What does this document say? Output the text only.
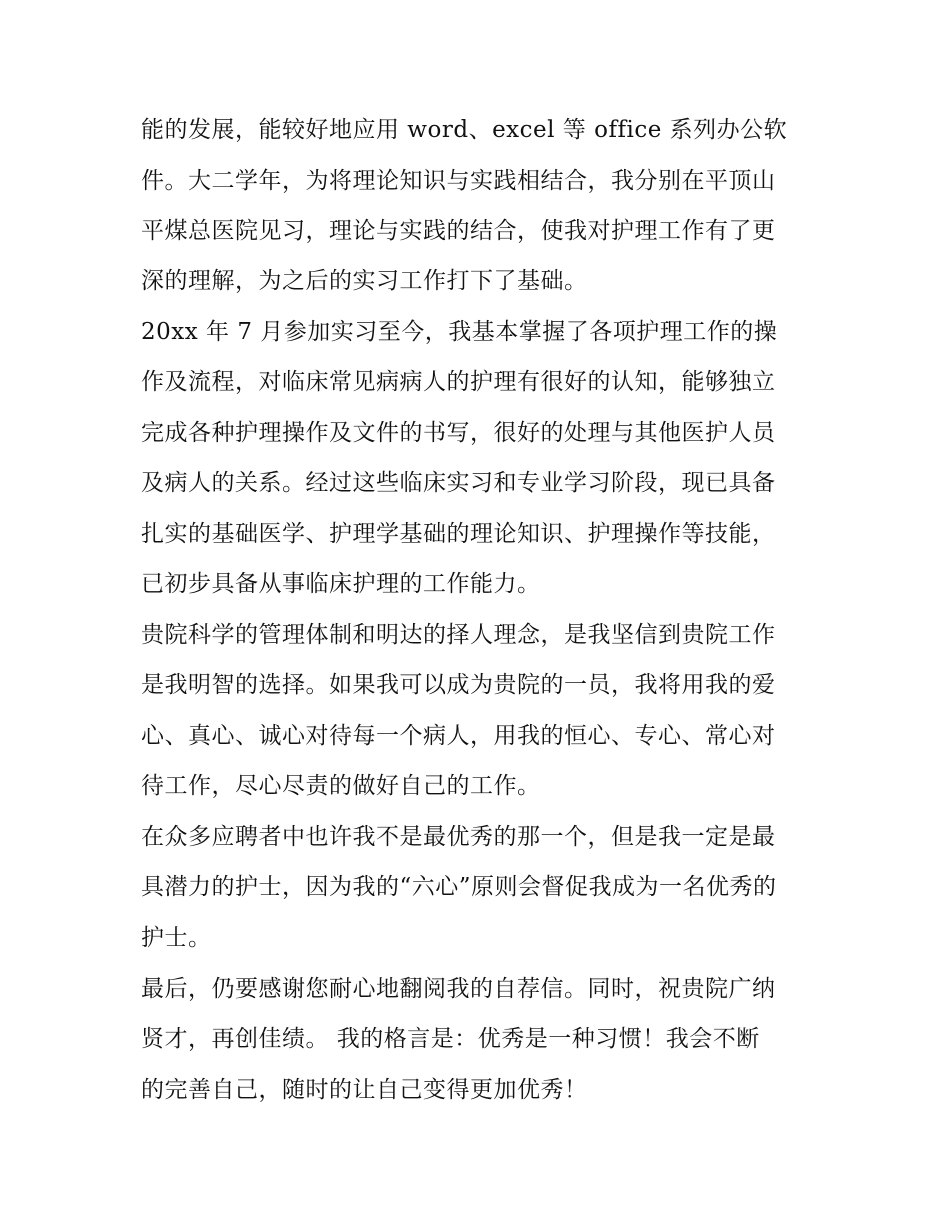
能的发展，能较好地应用 word、excel 等 office 系列办公软

件。大二学年，为将理论知识与实践相结合，我分别在平顶山

平煤总医院见习，理论与实践的结合，使我对护理工作有了更

深的理解，为之后的实习工作打下了基础。

20xx 年 7 月参加实习至今，我基本掌握了各项护理工作的操

作及流程，对临床常见病病人的护理有很好的认知，能够独立

完成各种护理操作及文件的书写，很好的处理与其他医护人员

及病人的关系。经过这些临床实习和专业学习阶段，现已具备

扎实的基础医学、护理学基础的理论知识、护理操作等技能，

已初步具备从事临床护理的工作能力。

贵院科学的管理体制和明达的择人理念，是我坚信到贵院工作

是我明智的选择。如果我可以成为贵院的一员，我将用我的爱

心、真心、诚心对待每一个病人，用我的恒心、专心、常心对

待工作，尽心尽责的做好自己的工作。

在众多应聘者中也许我不是最优秀的那一个，但是我一定是最

具潜力的护士，因为我的“六心”原则会督促我成为一名优秀的

护士。

最后，仍要感谢您耐心地翻阅我的自荐信。同时，祝贵院广纳

贤才，再创佳绩。 我的格言是：优秀是一种习惯！我会不断

的完善自己，随时的让自己变得更加优秀！
